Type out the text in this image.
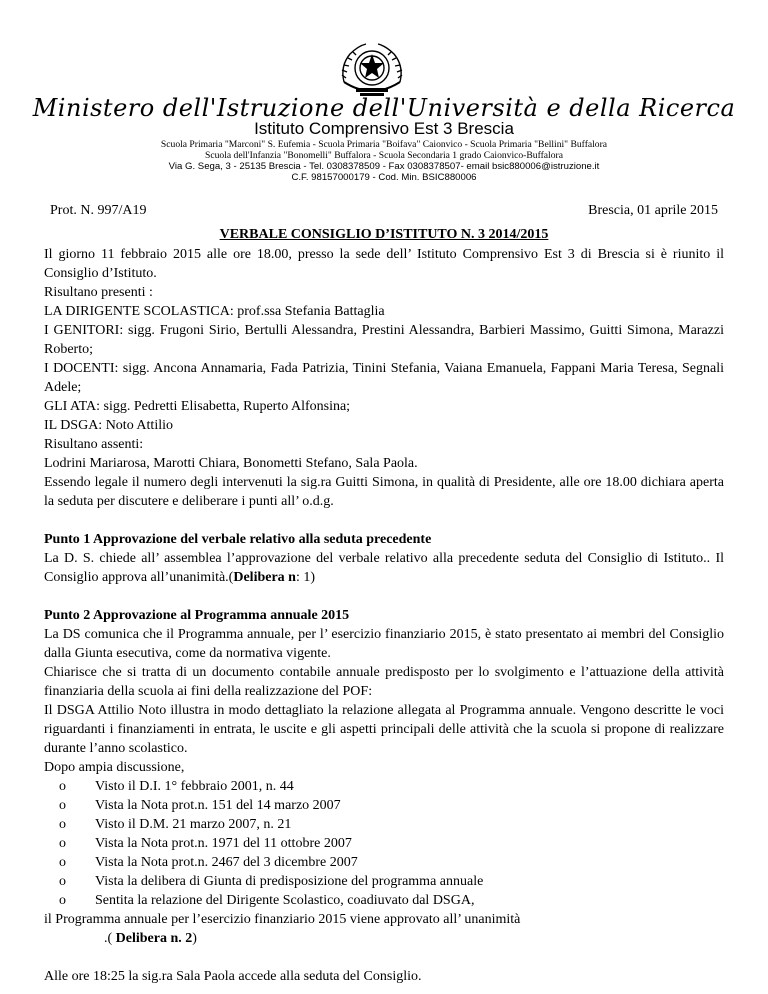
Ministero dell'Istruzione dell'Università e della Ricerca
Istituto Comprensivo Est 3 Brescia
Scuola Primaria "Marconi" S. Eufemia - Scuola Primaria "Boifava" Caionvico - Scuola Primaria "Bellini" Buffalora
Scuola dell'Infanzia "Bonomelli" Buffalora - Scuola Secondaria 1 grado Caionvico-Buffalora
Via G. Sega, 3 - 25135 Brescia - Tel. 0308378509 - Fax 0308378507- email bsic880006@istruzione.it
C.F. 98157000179 - Cod. Min. BSIC880006
Prot. N. 997/A19	Brescia, 01 aprile 2015
VERBALE CONSIGLIO D’ISTITUTO N. 3 2014/2015

Il giorno 11 febbraio 2015 alle ore 18.00, presso la sede dell’ Istituto Comprensivo Est 3 di Brescia si è riunito il Consiglio d’Istituto.

Risultano presenti :

LA DIRIGENTE SCOLASTICA: prof.ssa Stefania Battaglia

I GENITORI: sigg. Frugoni Sirio, Bertulli Alessandra, Prestini Alessandra, Barbieri Massimo, Guitti Simona, Marazzi Roberto;

I DOCENTI: sigg. Ancona Annamaria, Fada Patrizia, Tinini Stefania, Vaiana Emanuela, Fappani Maria Teresa, Segnali Adele;

GLI ATA: sigg. Pedretti Elisabetta, Ruperto Alfonsina;

IL DSGA: Noto Attilio

Risultano assenti:

Lodrini Mariarosa, Marotti Chiara, Bonometti Stefano, Sala Paola.

Essendo legale il numero degli intervenuti la sig.ra Guitti Simona, in qualità di Presidente, alle ore 18.00 dichiara aperta la seduta per discutere e deliberare i punti all’ o.d.g.

Punto 1 Approvazione del verbale relativo alla seduta precedente

La D. S. chiede all’ assemblea l’approvazione del verbale relativo alla precedente seduta del Consiglio di Istituto.. Il Consiglio approva all’unanimità.(Delibera n: 1)

Punto 2 Approvazione al Programma annuale 2015

La DS comunica che il Programma annuale, per l’ esercizio finanziario 2015, è stato presentato ai membri del Consiglio dalla Giunta esecutiva, come da normativa vigente.

Chiarisce che si tratta di un documento contabile annuale predisposto per lo svolgimento e l’attuazione della attività finanziaria della scuola ai fini della realizzazione del POF:

Il DSGA Attilio Noto illustra in modo dettagliato la relazione allegata al Programma annuale. Vengono descritte le voci riguardanti i finanziamenti in entrata, le uscite e gli aspetti principali delle attività che la scuola si propone di realizzare durante l’anno scolastico.

Dopo ampia discussione,

o Visto il D.I. 1° febbraio 2001, n. 44
o Vista la Nota prot.n. 151 del 14 marzo 2007
o Visto il D.M. 21 marzo 2007, n. 21
o Vista la Nota prot.n. 1971 del 11 ottobre 2007
o Vista la Nota prot.n. 2467 del 3 dicembre 2007
o Vista la delibera di Giunta di predisposizione del programma annuale
o Sentita la relazione del Dirigente Scolastico, coadiuvato dal DSGA,

il Programma annuale per l’esercizio finanziario 2015 viene approvato all’ unanimità

.( Delibera n. 2)

Alle ore 18:25 la sig.ra Sala Paola accede alla seduta del Consiglio.
